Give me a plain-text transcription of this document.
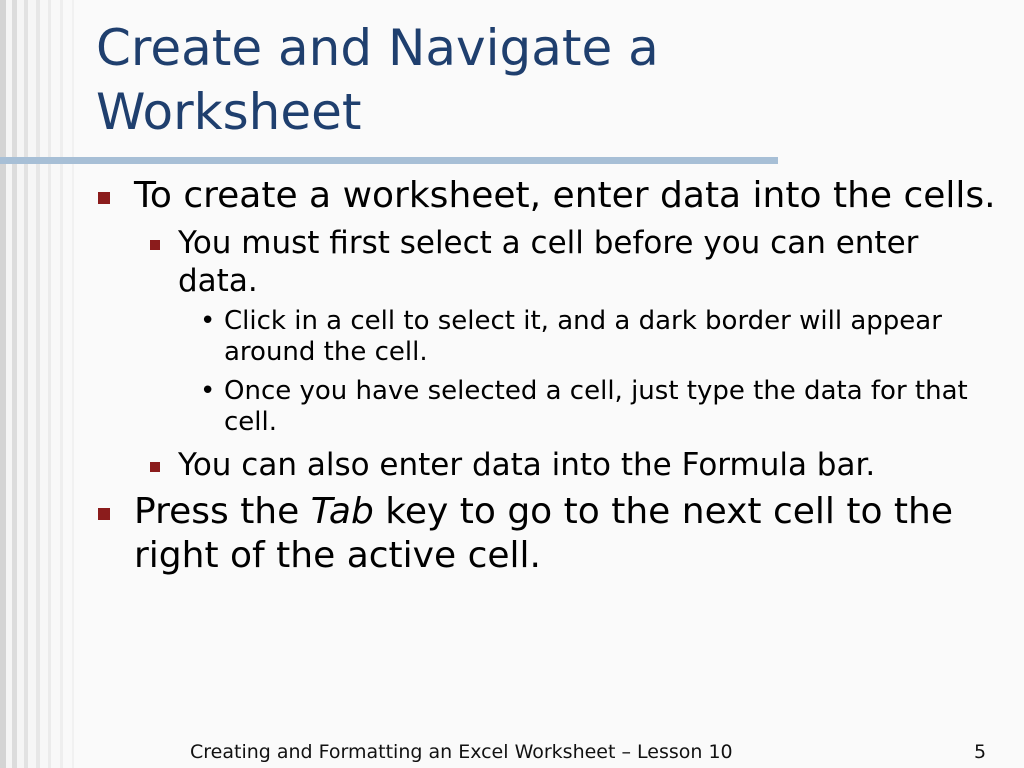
Create and Navigate a
Worksheet
To create a worksheet, enter data into the cells.
You must first select a cell before you can enter data.
• Click in a cell to select it, and a dark border will appear around the cell.
• Once you have selected a cell, just type the data for that cell.
You can also enter data into the Formula bar.
Press the Tab key to go to the next cell to the right of the active cell.
Creating and Formatting an Excel Worksheet – Lesson 10	5
